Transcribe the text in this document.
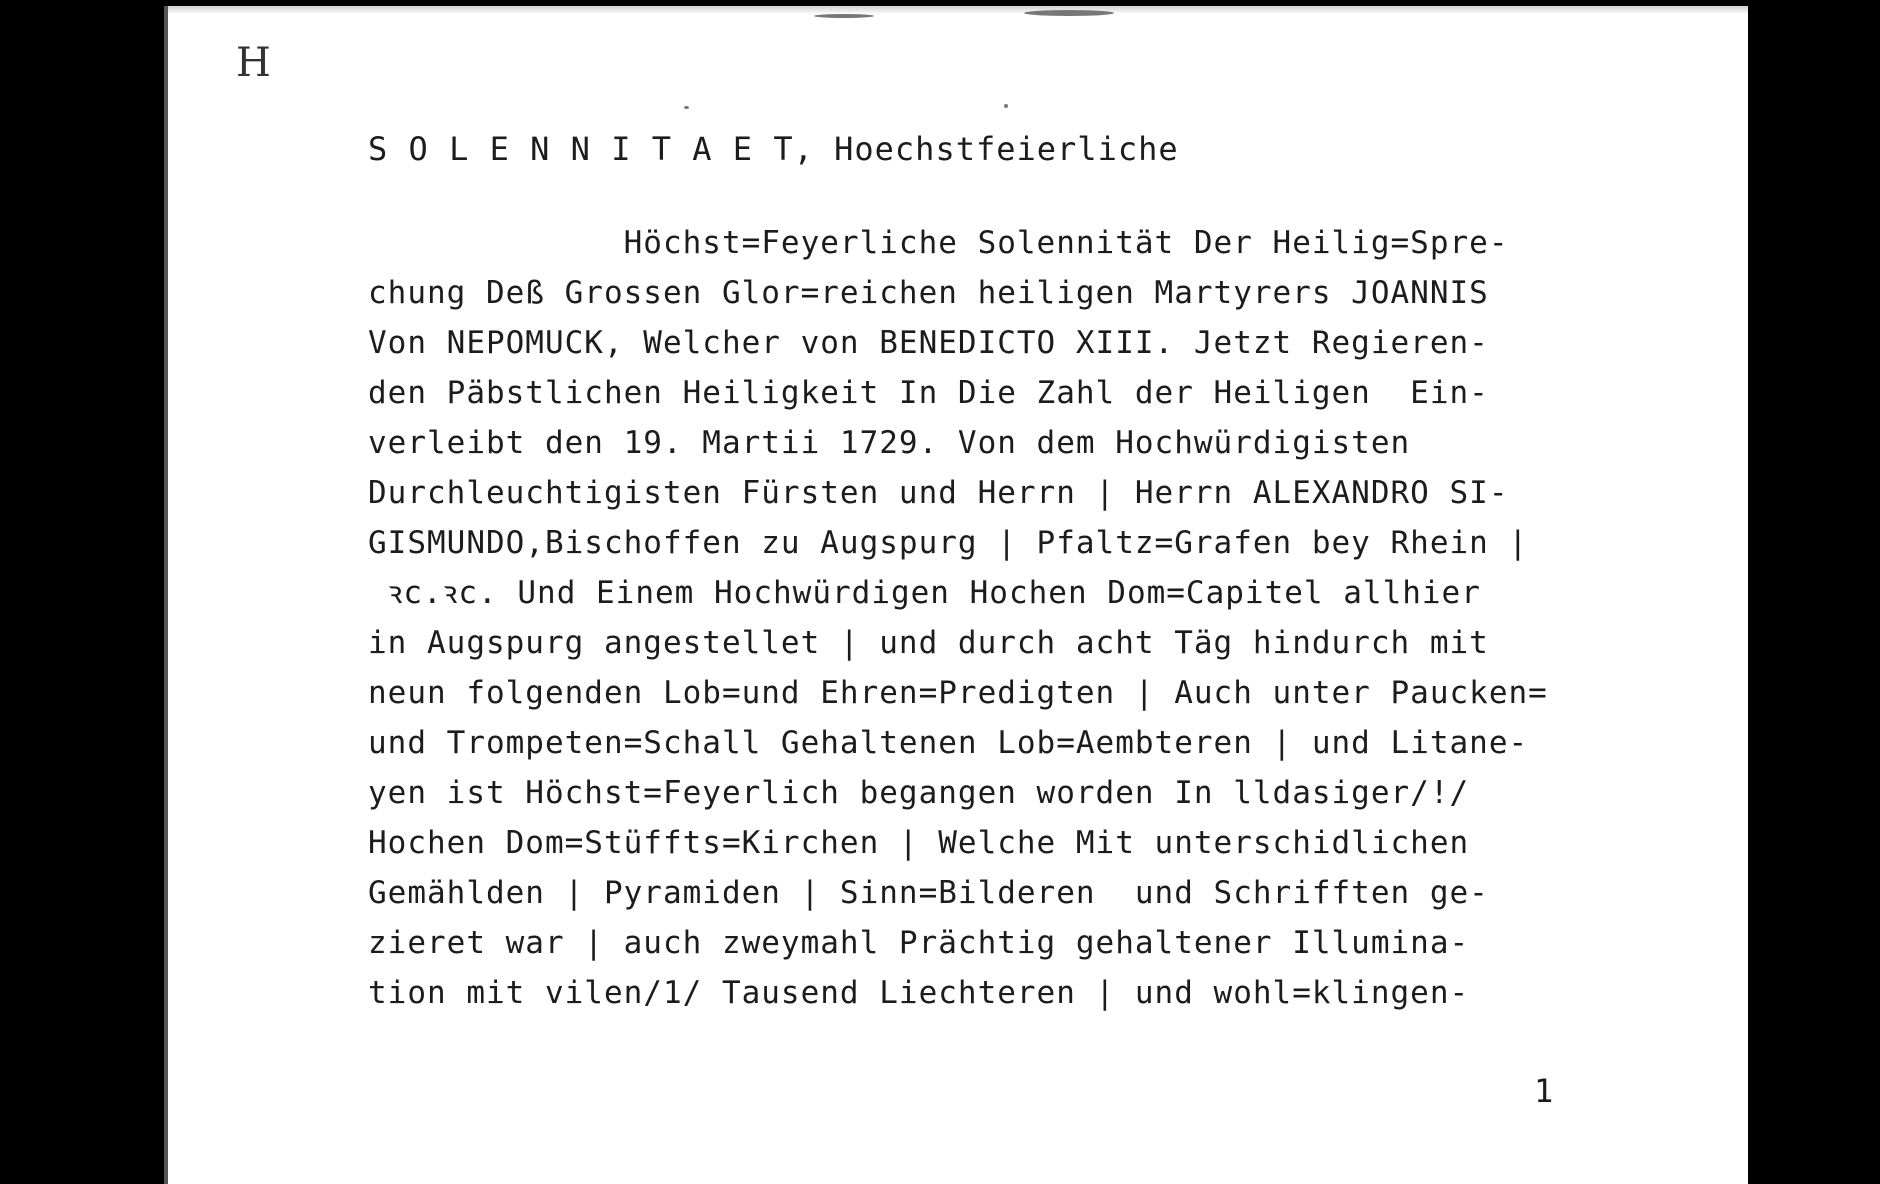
H

S O L E N N I T A E T, Hoechstfeierliche

Höchst=Feyerliche Solennität Der Heilig=Spre-
chung Deß Grossen Glor=reichen heiligen Martyrers JOANNIS
Von NEPOMUCK, Welcher von BENEDICTO XIII. Jetzt Regieren-
den Päbstlichen Heiligkeit In Die Zahl der Heiligen  Ein-
verleibt den 19. Martii 1729. Von dem Hochwürdigisten
Durchleuchtigisten Fürsten und Herrn | Herrn ALEXANDRO SI-
GISMUNDO,Bischoffen zu Augspurg | Pfaltz=Grafen bey Rhein |
ꝛc.ꝛc. Und Einem Hochwürdigen Hochen Dom=Capitel allhier
in Augspurg angestellet | und durch acht Täg hindurch mit
neun folgenden Lob=und Ehren=Predigten | Auch unter Paucken=
und Trompeten=Schall Gehaltenen Lob=Aembteren | und Litane-
yen ist Höchst=Feyerlich begangen worden In lldasiger/!/
Hochen Dom=Stüffts=Kirchen | Welche Mit unterschidlichen
Gemählden | Pyramiden | Sinn=Bilderen  und Schrifften ge-
zieret war | auch zweymahl Prächtig gehaltener Illumina-
tion mit vilen/1/ Tausend Liechteren | und wohl=klingen-

1
